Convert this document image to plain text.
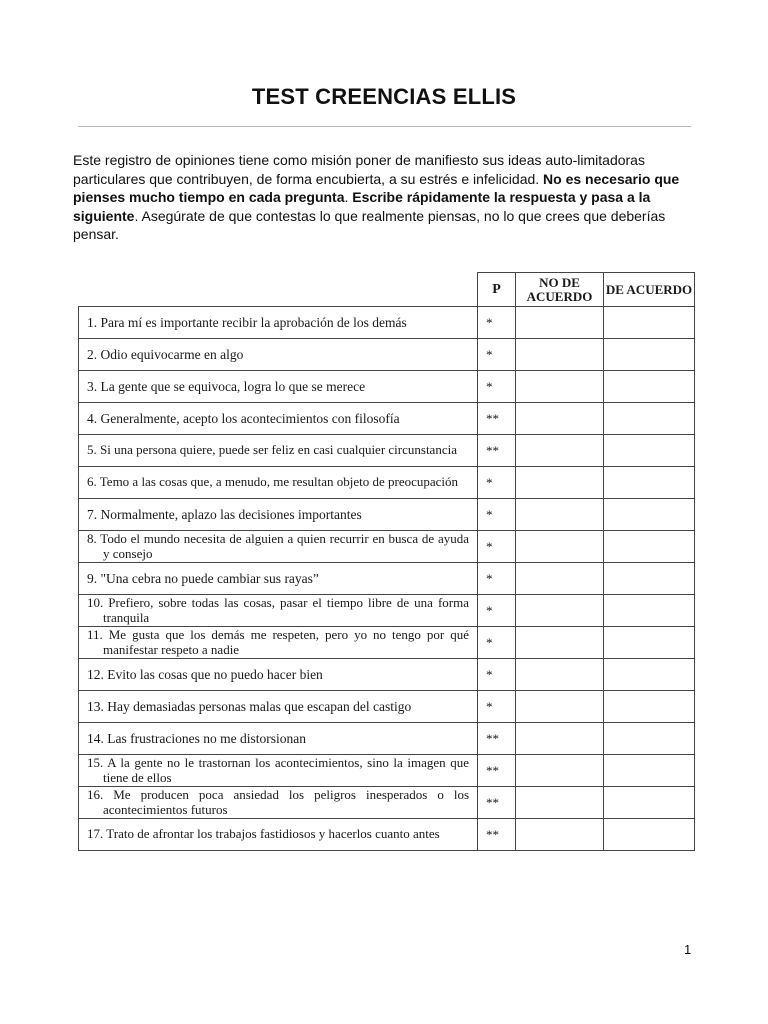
TEST CREENCIAS ELLIS

Este registro de opiniones tiene como misión poner de manifiesto sus ideas auto-limitadoras particulares que contribuyen, de forma encubierta, a su estrés e infelicidad. No es necesario que pienses mucho tiempo en cada pregunta. Escribe rápidamente la respuesta y pasa a la siguiente. Asegúrate de que contestas lo que realmente piensas, no lo que crees que deberías pensar.

	P	NO DE ACUERDO	DE ACUERDO
1. Para mí es importante recibir la aprobación de los demás	*		
2. Odio equivocarme en algo	*		
3. La gente que se equivoca, logra lo que se merece	*		
4. Generalmente, acepto los acontecimientos con filosofía	**		

5. Si una persona quiere, puede ser feliz en casi cualquier circunstancia	**		

6. Temo a las cosas que, a menudo, me resultan objeto de preocupación	*		
7. Normalmente, aplazo las decisiones importantes	*		

8. Todo el mundo necesita de alguien a quien recurrir en busca de ayuda y consejo	*		
9. "Una cebra no puede cambiar sus rayas”	*		

10. Prefiero, sobre todas las cosas, pasar el tiempo libre de una forma tranquila	*		

11. Me gusta que los demás me respeten, pero yo no tengo por qué manifestar respeto a nadie	*		
12. Evito las cosas que no puedo hacer bien	*		
13. Hay demasiadas personas malas que escapan del castigo	*		
14. Las frustraciones no me distorsionan	**		

15. A la gente no le trastornan los acontecimientos, sino la imagen que tiene de ellos	**		

16. Me producen poca ansiedad los peligros inesperados o los acontecimientos futuros	**		

17. Trato de afrontar los trabajos fastidiosos y hacerlos cuanto antes	**		
1
